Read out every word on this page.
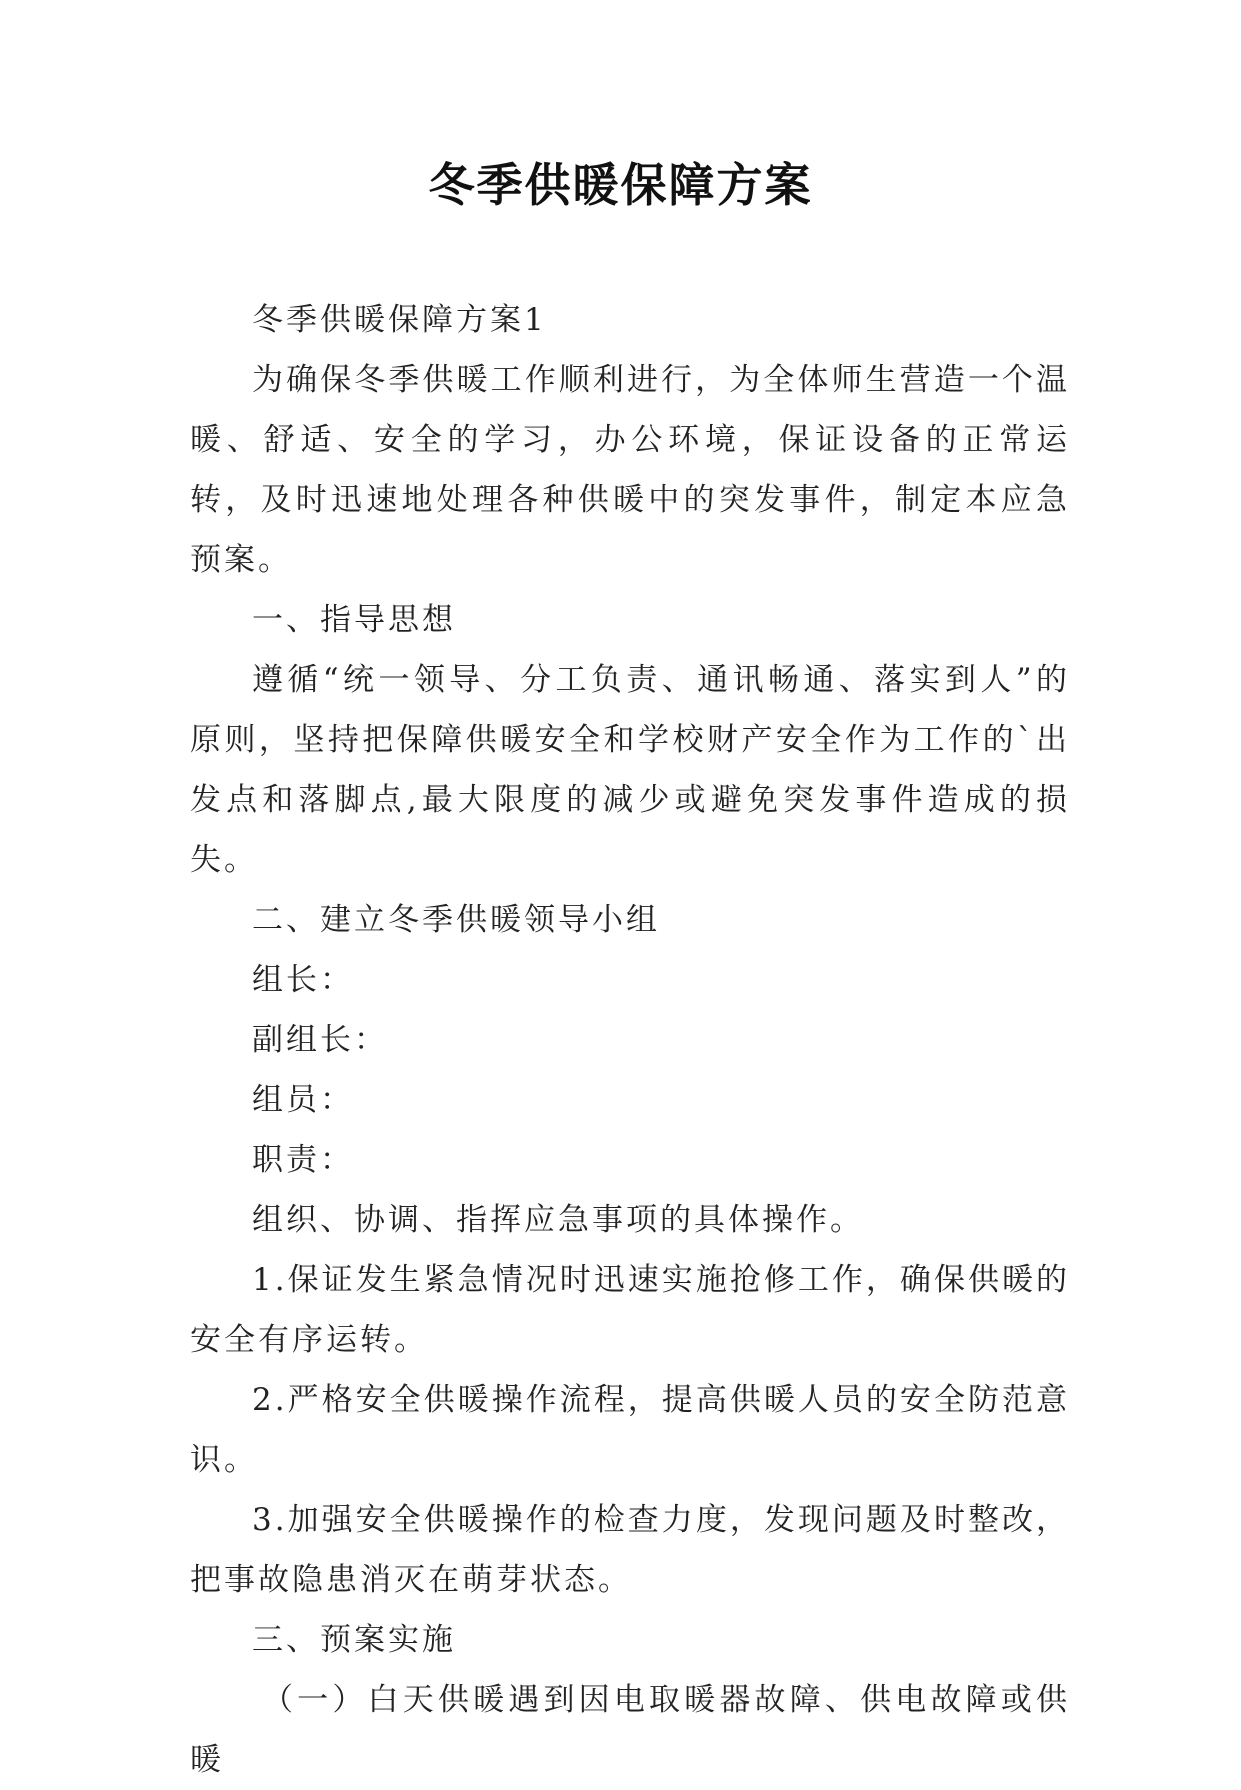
冬季供暖保障方案

冬季供暖保障方案1

为确保冬季供暖工作顺利进行，为全体师生营造一个温暖、舒适、安全的学习，办公环境，保证设备的正常运转，及时迅速地处理各种供暖中的突发事件，制定本应急预案。

一、指导思想

遵循“统一领导、分工负责、通讯畅通、落实到人”的原则，坚持把保障供暖安全和学校财产安全作为工作的`出发点和落脚点,最大限度的减少或避免突发事件造成的损失。

二、建立冬季供暖领导小组

组长：

副组长：

组员：

职责：

组织、协调、指挥应急事项的具体操作。

1.保证发生紧急情况时迅速实施抢修工作，确保供暖的安全有序运转。

2.严格安全供暖操作流程，提高供暖人员的安全防范意识。

3.加强安全供暖操作的检查力度，发现问题及时整改，把事故隐患消灭在萌芽状态。

三、预案实施

（一）白天供暖遇到因电取暖器故障、供电故障或供暖
